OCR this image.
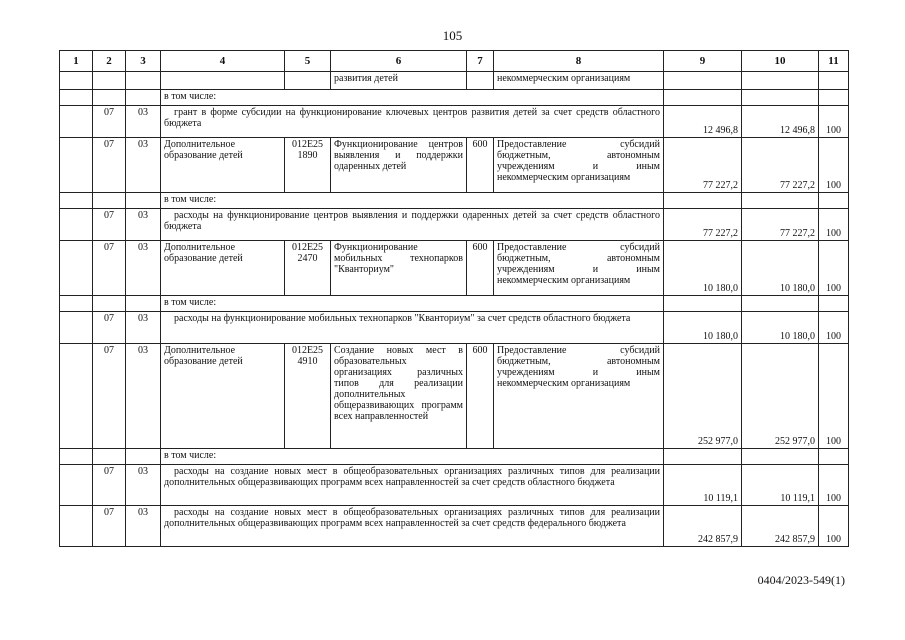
105
1	2	3	4	5	6	7	8	9	10	11
					развития детей		некоммерческим организациям			
			в том числе:							
	07	03	грант в форме субсидии на функционирование ключевых центров развития детей за счет средств областного бюджета					12 496,8	12 496,8	100
	07	03	Дополнительное образование детей	012E25 1890	Функционирование центров выявления и поддержки одаренных детей	600	Предоставление субсидий бюджетным, автономным учреждениям и иным некоммерческим организациям	77 227,2	77 227,2	100
			в том числе:							
	07	03	расходы на функционирование центров выявления и поддержки одаренных детей за счет средств областного бюджета					77 227,2	77 227,2	100
	07	03	Дополнительное образование детей	012E25 2470	Функционирование мобильных технопарков "Кванториум"	600	Предоставление субсидий бюджетным, автономным учреждениям и иным некоммерческим организациям	10 180,0	10 180,0	100
			в том числе:							
	07	03	расходы на функционирование мобильных технопарков "Кванториум" за счет средств областного бюджета					10 180,0	10 180,0	100
	07	03	Дополнительное образование детей	012E25 4910	Создание новых мест в образовательных организациях различных типов для реализации дополнительных общеразвивающих программ всех направленностей	600	Предоставление субсидий бюджетным, автономным учреждениям и иным некоммерческим организациям	252 977,0	252 977,0	100
			в том числе:							
	07	03	расходы на создание новых мест в общеобразовательных организациях различных типов для реализации дополнительных общеразвивающих программ всех направленностей за счет средств областного бюджета					10 119,1	10 119,1	100
	07	03	расходы на создание новых мест в общеобразовательных организациях различных типов для реализации дополнительных общеразвивающих программ всех направленностей за счет средств федерального бюджета					242 857,9	242 857,9	100
0404/2023-549(1)
